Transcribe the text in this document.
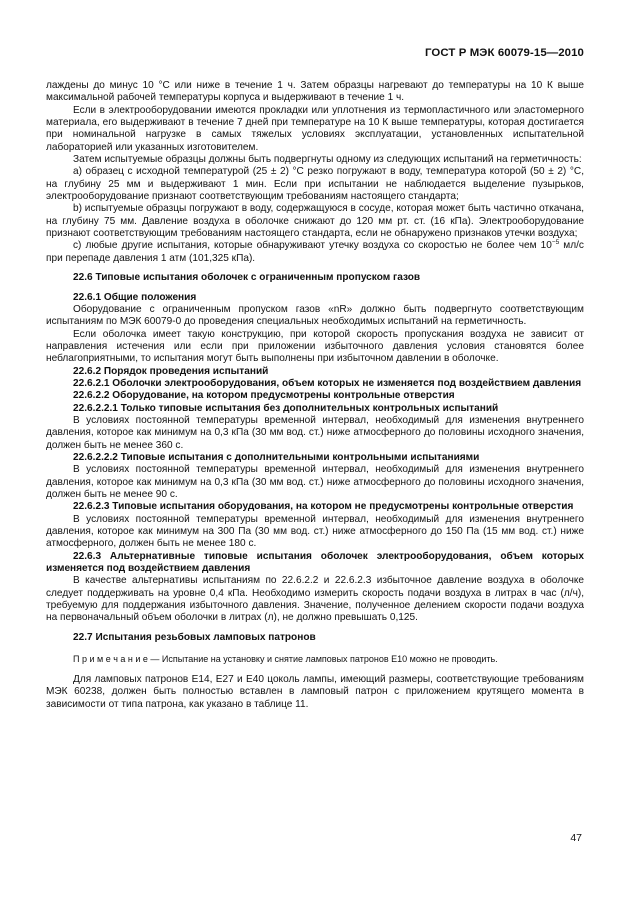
ГОСТ Р МЭК 60079-15—2010

лаждены до минус 10 °С или ниже в течение 1 ч. Затем образцы нагревают до температуры на 10 К выше максимальной рабочей температуры корпуса и выдерживают в течение 1 ч.

Если в электрооборудовании имеются прокладки или уплотнения из термопластичного или эластомерного материала, его выдерживают в течение 7 дней при температуре на 10 К выше температуры, которая достигается при номинальной нагрузке в самых тяжелых условиях эксплуатации, установленных испытательной лабораторией или указанных изготовителем.

Затем испытуемые образцы должны быть подвергнуты одному из следующих испытаний на герметичность:

а) образец с исходной температурой (25 ± 2) °С резко погружают в воду, температура которой (50 ± 2) °С, на глубину 25 мм и выдерживают 1 мин. Если при испытании не наблюдается выделение пузырьков, электрооборудование признают соответствующим требованиям настоящего стандарта;

b) испытуемые образцы погружают в воду, содержащуюся в сосуде, которая может быть частично откачана, на глубину 75 мм. Давление воздуха в оболочке снижают до 120 мм рт. ст. (16 кПа). Электрооборудование признают соответствующим требованиям настоящего стандарта, если не обнаружено признаков утечки воздуха;

с) любые другие испытания, которые обнаруживают утечку воздуха со скоростью не более чем $10^{-5}$ мл/с при перепаде давления 1 атм (101,325 кПа).

22.6 Типовые испытания оболочек с ограниченным пропуском газов

22.6.1 Общие положения

Оборудование с ограниченным пропуском газов «nR» должно быть подвергнуто соответствующим испытаниям по МЭК 60079-0 до проведения специальных необходимых испытаний на герметичность.

Если оболочка имеет такую конструкцию, при которой скорость пропускания воздуха не зависит от направления истечения или если при приложении избыточного давления условия становятся более неблагоприятными, то испытания могут быть выполнены при избыточном давлении в оболочке.

22.6.2 Порядок проведения испытаний

22.6.2.1 Оболочки электрооборудования, объем которых не изменяется под воздействием давления

22.6.2.2 Оборудование, на котором предусмотрены контрольные отверстия

22.6.2.2.1 Только типовые испытания без дополнительных контрольных испытаний

В условиях постоянной температуры временной интервал, необходимый для изменения внутреннего давления, которое как минимум на 0,3 кПа (30 мм вод. ст.) ниже атмосферного до половины исходного значения, должен быть не менее 360 с.

22.6.2.2.2 Типовые испытания с дополнительными контрольными испытаниями

В условиях постоянной температуры временной интервал, необходимый для изменения внутреннего давления, которое как минимум на 0,3 кПа (30 мм вод. ст.) ниже атмосферного до половины исходного значения, должен быть не менее 90 с.

22.6.2.3 Типовые испытания оборудования, на котором не предусмотрены контрольные отверстия

В условиях постоянной температуры временной интервал, необходимый для изменения внутреннего давления, которое как минимум на 300 Па (30 мм вод. ст.) ниже атмосферного до 150 Па (15 мм вод. ст.) ниже атмосферного, должен быть не менее 180 с.

22.6.3 Альтернативные типовые испытания оболочек электрооборудования, объем которых изменяется под воздействием давления

В качестве альтернативы испытаниям по 22.6.2.2 и 22.6.2.3 избыточное давление воздуха в оболочке следует поддерживать на уровне 0,4 кПа. Необходимо измерить скорость подачи воздуха в литрах в час (л/ч), требуемую для поддержания избыточного давления. Значение, полученное делением скорости подачи воздуха на первоначальный объем оболочки в литрах (л), не должно превышать 0,125.

22.7 Испытания резьбовых ламповых патронов

П р и м е ч а н и е — Испытание на установку и снятие ламповых патронов Е10 можно не проводить.

Для ламповых патронов Е14, Е27 и Е40 цоколь лампы, имеющий размеры, соответствующие требованиям МЭК 60238, должен быть полностью вставлен в ламповый патрон с приложением крутящего момента в зависимости от типа патрона, как указано в таблице 11.

47
